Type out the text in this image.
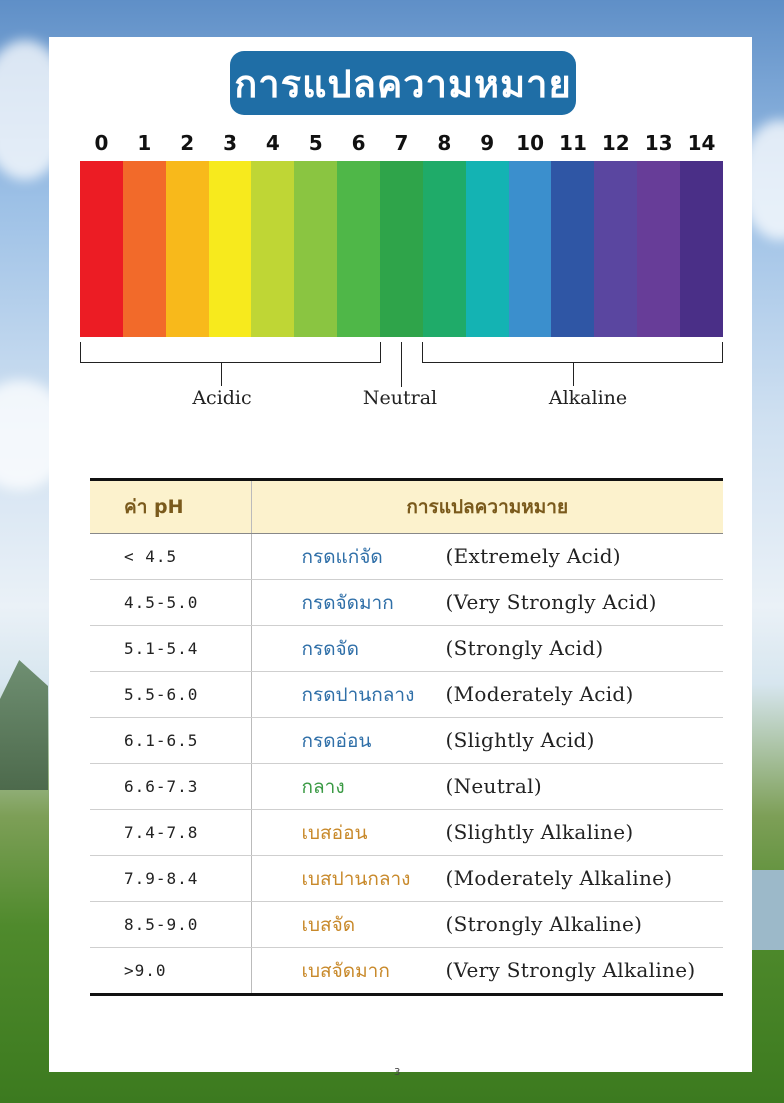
การแปลความหมาย
0	1	2	3	4	5	6	7	8	9	10 11 12 13 14
Acidic	Neutral	Alkaline
ค่า pH	การแปลความหมาย
< 4.5	กรดแก่จัด (Extremely Acid)
4.5-5.0	กรดจัดมาก (Very Strongly Acid)
5.1-5.4	กรดจัด (Strongly Acid)
5.5-6.0	กรดปานกลาง (Moderately Acid)
6.1-6.5	กรดอ่อน (Slightly Acid)
6.6-7.3	กลาง (Neutral)
7.4-7.8	เบสอ่อน (Slightly Alkaline)
7.9-8.4	เบสปานกลาง (Moderately Alkaline)
8.5-9.0	เบสจัด (Strongly Alkaline)
>9.0	เบสจัดมาก (Very Strongly Alkaline)
3
